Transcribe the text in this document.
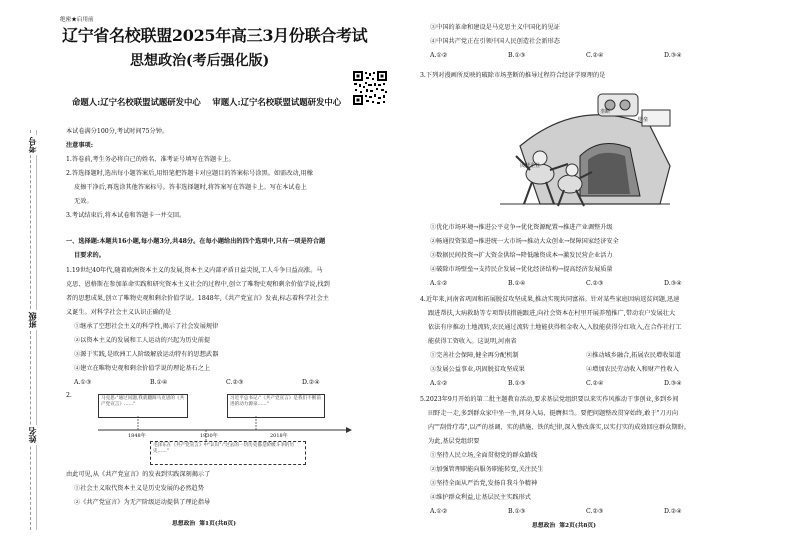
考号
班级
姓名
绝密★启用前
辽宁省名校联盟2025年高三3月份联合考试
思想政治(考后强化版)
命题人:辽宁名校联盟试题研发中心    审题人:辽宁名校联盟试题研发中心
本试卷满分100分,考试时间75分钟。
注意事项:
1.答卷前,考生务必将自己的姓名、准考证号填写在答题卡上。
2.答选择题时,选出每小题答案后,用铅笔把答题卡对应题目的答案标号涂黑。如需改动,用橡
皮擦干净后,再选涂其他答案标号。答非选择题时,将答案写在答题卡上。写在本试卷上
无效。
3.考试结束后,将本试卷和答题卡一并交回。
一、选择题:本题共16小题,每小题3分,共48分。在每小题给出的四个选项中,只有一项是符合题
目要求的。
1.19世纪40年代,随着欧洲资本主义的发展,资本主义内部矛盾日益尖锐,工人斗争日益高涨。马
克思、恩格斯在参加革命实践和研究资本主义社会的过程中,创立了唯物史观和剩余价值学说,找到
者的思想成果,创立了唯物史观和剩余价值学说。1848年,《共产党宣言》发表,标志着科学社会主
义诞生。对科学社会主义认识正确的是
①继承了空想社会主义的科学性,揭示了社会发展规律
②以资本主义的发展和工人运动的兴起为历史前提
③源于实践,是欧洲工人阶级解放运动特有的思想武器
④建立在唯物史观和剩余价值学说的理论基石之上
A.①③	B.①④	C.②③	D.②④
2.	马克思:"通过问题,我就翻阅马克思的《共产党宣言》……"
习近平总书记:"《共产党宣言》是我们不断前进的动力源泉……"
1848年	1930年	2018年
毛泽东在《共产党宣言》中"认识":"过去的一切历史都是阶级斗争的历史……"
由此可见,从《共产党宣言》的发表到实践深刻揭示了
①社会主义取代资本主义是历史发展的必然趋势
②《共产党宣言》为无产阶级运动提供了理论指导
思想政治  第1页(共8页)
③中国的革命和建设是马克思主义中国化的见证
④中国共产党正在引领中国人民创造社会新形态
A.①②	B.①③	C.②④	D.③④
3.下列对漫画所反映的破除市场垄断的推导过程符合经济学原理的是
垄断
壁垒
民营企业
①优化市场环境→推进公平竞争→优化资源配置→推进产业调整升级
②畅通投资渠道→推进统一大市场→推动大众创业→保障国家经济安全
③数据民间投资→扩大资金供给→降低融资成本→激发民营企业活力
④破除市场壁垒→支持民企发展→优化经济结构→提高经济发展质量
A.①②	B.①④	C.②③	D.③④
4.近年来,河南省巩固和拓展脱贫攻坚成果,推动实现共同富裕。针对某些家庭因病返贫问题,迅速
跟进帮扶,大病救助等专项帮扶措施跟进,向社会资本在村里开展养殖推广,带动农户发展壮大
依法有序推动土地流转,农民通过流转土地能获得租金收入,入股能获得分红收入,在合作社打工
能获得工资收入。这说明,河南省
①完善社会保障,健全再分配机制	②推动城乡融合,拓展农民增收渠道
③发展公益事业,巩固脱贫攻坚成果	④增加农民劳动收入和财产性收入
A.①②	B.①③	C.②④	D.③④
5.2023年9月开始的第二批主题教育活动,要求基层党组织要以来实作风推动干事创业,多到乡间
田野走一走,多到群众家中坐一坐,问身入局、挺膺担当。要把问题整改贯穿始终,敢于"刀刃向
内""刮骨疗毒",以严的基调、实的措施、铁的纪律,深入整改落实,以实打实的成效回应群众期盼。
为此,基层党组织要
①坚持人民立场,全面贯彻党的群众路线
②加强管理职能向服务职能转变,关注民生
③坚持全面从严治党,发扬自我斗争精神
④维护群众利益,让基层民主实践形式
A.①②	B.①③	C.②③	D.②④
思想政治  第2页(共8页)
